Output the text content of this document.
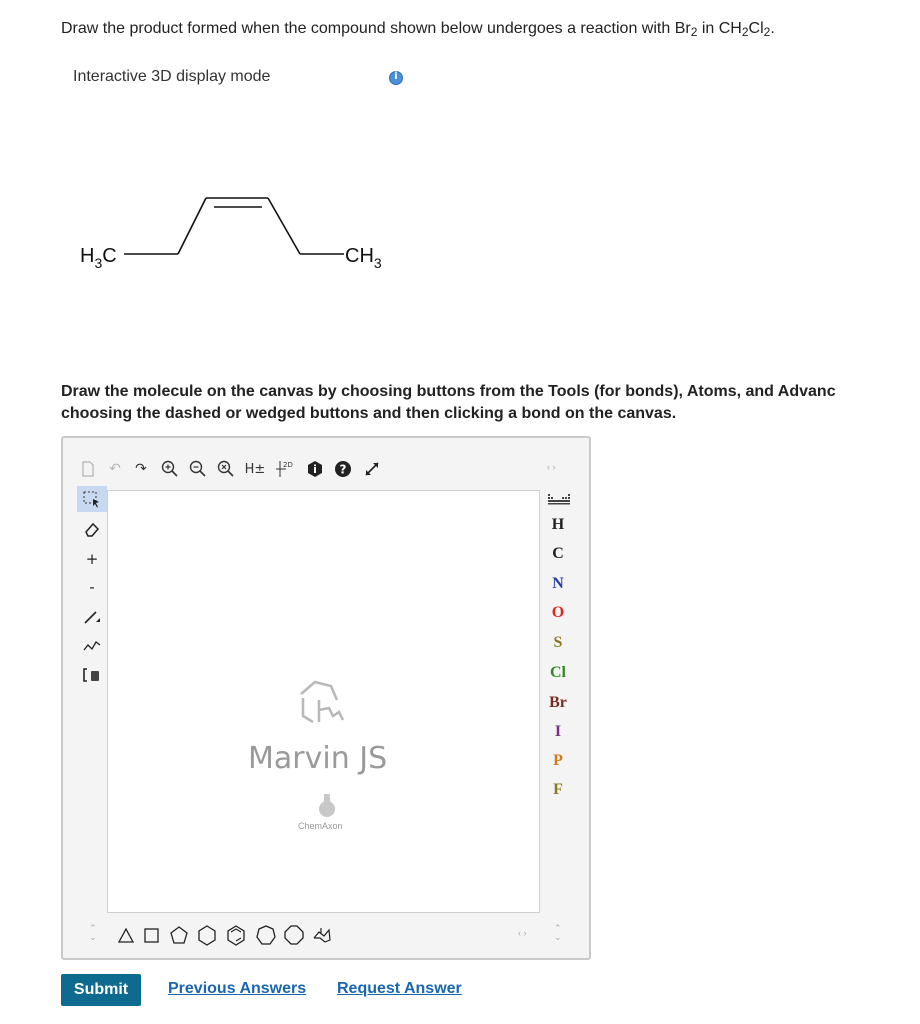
Draw the product formed when the compound shown below undergoes a reaction with $Br_2$ in $CH_2Cl_2$.
Interactive 3D display mode
i
$H_3C$	$CH_3$
Draw the molecule on the canvas by choosing buttons from the Tools (for bonds), Atoms, and Advanc
choosing the dashed or wedged buttons and then clicking a bond on the canvas.
↶	↷	H±	2D	?	‹ ›
+
-
Marvin JS
ChemAxon
H
C
N
O
S
Cl
Br
I
P
F
⌃
⌄	‹ ›	⌃
⌄
Submit	Previous Answers Request Answer
